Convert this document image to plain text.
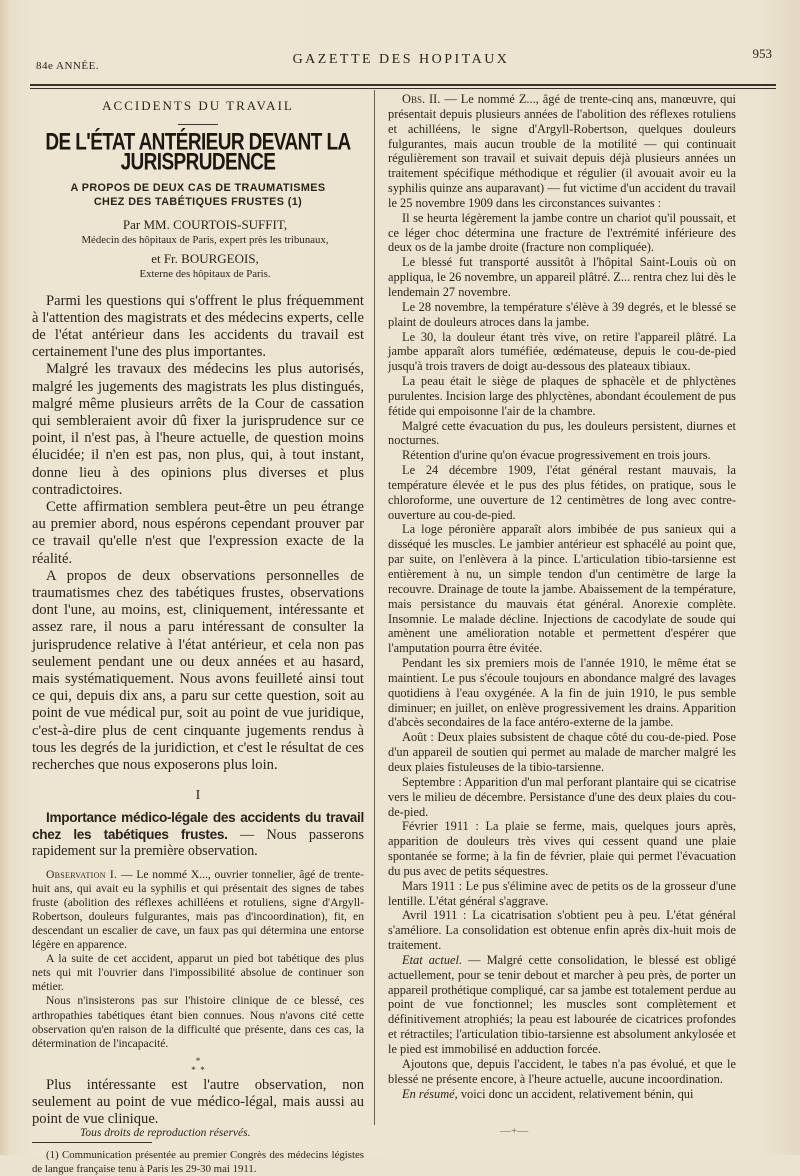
84e ANNÉE.	GAZETTE DES HOPITAUX	953
ACCIDENTS DU TRAVAIL
DE L'ÉTAT ANTÉRIEUR DEVANT LA JURISPRUDENCE
A PROPOS DE DEUX CAS DE TRAUMATISMES
CHEZ DES TABÉTIQUES FRUSTES (1)

Par MM. COURTOIS-SUFFIT,

Médecin des hôpitaux de Paris, expert près les tribunaux,

et Fr. BOURGEOIS,

Externe des hôpitaux de Paris.

Parmi les questions qui s'offrent le plus fréquemment à l'attention des magistrats et des médecins experts, celle de l'état antérieur dans les accidents du travail est certainement l'une des plus importantes.

Malgré les travaux des médecins les plus autorisés, malgré les jugements des magistrats les plus distingués, malgré même plusieurs arrêts de la Cour de cassation qui sembleraient avoir dû fixer la jurisprudence sur ce point, il n'est pas, à l'heure actuelle, de question moins élucidée; il n'en est pas, non plus, qui, à tout instant, donne lieu à des opinions plus diverses et plus contradictoires.

Cette affirmation semblera peut-être un peu étrange au premier abord, nous espérons cependant prouver par ce travail qu'elle n'est que l'expression exacte de la réalité.

A propos de deux observations personnelles de traumatismes chez des tabétiques frustes, observations dont l'une, au moins, est, cliniquement, intéressante et assez rare, il nous a paru intéressant de consulter la jurisprudence relative à l'état antérieur, et cela non pas seulement pendant une ou deux années et au hasard, mais systématiquement. Nous avons feuilleté ainsi tout ce qui, depuis dix ans, a paru sur cette question, soit au point de vue médical pur, soit au point de vue juridique, c'est-à-dire plus de cent cinquante jugements rendus à tous les degrés de la juridiction, et c'est le résultat de ces recherches que nous exposerons plus loin.

I

Importance médico-légale des accidents du travail chez les tabétiques frustes. — Nous passerons rapidement sur la première observation.

Observation I. — Le nommé X..., ouvrier tonnelier, âgé de trente-huit ans, qui avait eu la syphilis et qui présentait des signes de tabes fruste (abolition des réflexes achilléens et rotuliens, signe d'Argyll-Robertson, douleurs fulgurantes, mais pas d'incoordination), fit, en descendant un escalier de cave, un faux pas qui détermina une entorse légère en apparence.

A la suite de cet accident, apparut un pied bot tabétique des plus nets qui mit l'ouvrier dans l'impossibilité absolue de continuer son métier.

Nous n'insisterons pas sur l'histoire clinique de ce blessé, ces arthropathies tabétiques étant bien connues. Nous n'avons cité cette observation qu'en raison de la difficulté que présente, dans ces cas, la détermination de l'incapacité.

*
*  *

Plus intéressante est l'autre observation, non seulement au point de vue médico-légal, mais aussi au point de vue clinique.

(1) Communication présentée au premier Congrès des médecins légistes de langue française tenu à Paris les 29-30 mai 1911.

Obs. II. — Le nommé Z..., âgé de trente-cinq ans, manœuvre, qui présentait depuis plusieurs années de l'abolition des réflexes rotuliens et achilléens, le signe d'Argyll-Robertson, quelques douleurs fulgurantes, mais aucun trouble de la motilité — qui continuait régulièrement son travail et suivait depuis déjà plusieurs années un traitement spécifique méthodique et régulier (il avouait avoir eu la syphilis quinze ans auparavant) — fut victime d'un accident du travail le 25 novembre 1909 dans les circonstances suivantes :

Il se heurta légèrement la jambe contre un chariot qu'il poussait, et ce léger choc détermina une fracture de l'extrémité inférieure des deux os de la jambe droite (fracture non compliquée).

Le blessé fut transporté aussitôt à l'hôpital Saint-Louis où on appliqua, le 26 novembre, un appareil plâtré. Z... rentra chez lui dès le lendemain 27 novembre.

Le 28 novembre, la température s'élève à 39 degrés, et le blessé se plaint de douleurs atroces dans la jambe.

Le 30, la douleur étant très vive, on retire l'appareil plâtré. La jambe apparaît alors tuméfiée, œdémateuse, depuis le cou-de-pied jusqu'à trois travers de doigt au-dessous des plateaux tibiaux.

La peau était le siège de plaques de sphacèle et de phlyctènes purulentes. Incision large des phlyctènes, abondant écoulement de pus fétide qui empoisonne l'air de la chambre.

Malgré cette évacuation du pus, les douleurs persistent, diurnes et nocturnes.

Rétention d'urine qu'on évacue progressivement en trois jours.

Le 24 décembre 1909, l'état général restant mauvais, la température élevée et le pus des plus fétides, on pratique, sous le chloroforme, une ouverture de 12 centimètres de long avec contre-ouverture au cou-de-pied.

La loge péronière apparaît alors imbibée de pus sanieux qui a disséqué les muscles. Le jambier antérieur est sphacélé au point que, par suite, on l'enlèvera à la pince. L'articulation tibio-tarsienne est entièrement à nu, un simple tendon d'un centimètre de large la recouvre. Drainage de toute la jambe. Abaissement de la température, mais persistance du mauvais état général. Anorexie complète. Insomnie. Le malade décline. Injections de cacodylate de soude qui amènent une amélioration notable et permettent d'espérer que l'amputation pourra être évitée.

Pendant les six premiers mois de l'année 1910, le même état se maintient. Le pus s'écoule toujours en abondance malgré des lavages quotidiens à l'eau oxygénée. A la fin de juin 1910, le pus semble diminuer; en juillet, on enlève progressivement les drains. Apparition d'abcès secondaires de la face antéro-externe de la jambe.

Août : Deux plaies subsistent de chaque côté du cou-de-pied. Pose d'un appareil de soutien qui permet au malade de marcher malgré les deux plaies fistuleuses de la tibio-tarsienne.

Septembre : Apparition d'un mal perforant plantaire qui se cicatrise vers le milieu de décembre. Persistance d'une des deux plaies du cou-de-pied.

Février 1911 : La plaie se ferme, mais, quelques jours après, apparition de douleurs très vives qui cessent quand une plaie spontanée se forme; à la fin de février, plaie qui permet l'évacuation du pus avec de petits séquestres.

Mars 1911 : Le pus s'élimine avec de petits os de la grosseur d'une lentille. L'état général s'aggrave.

Avril 1911 : La cicatrisation s'obtient peu à peu. L'état général s'améliore. La consolidation est obtenue enfin après dix-huit mois de traitement.

Etat actuel. — Malgré cette consolidation, le blessé est obligé actuellement, pour se tenir debout et marcher à peu près, de porter un appareil prothétique compliqué, car sa jambe est totalement perdue au point de vue fonctionnel; les muscles sont complètement et définitivement atrophiés; la peau est labourée de cicatrices profondes et rétractiles; l'articulation tibio-tarsienne est absolument ankylosée et le pied est immobilisé en adduction forcée.

Ajoutons que, depuis l'accident, le tabes n'a pas évolué, et que le blessé ne présente encore, à l'heure actuelle, aucune incoordination.

En résumé, voici donc un accident, relativement bénin, qui

Tous droits de reproduction réservés.	—+—
